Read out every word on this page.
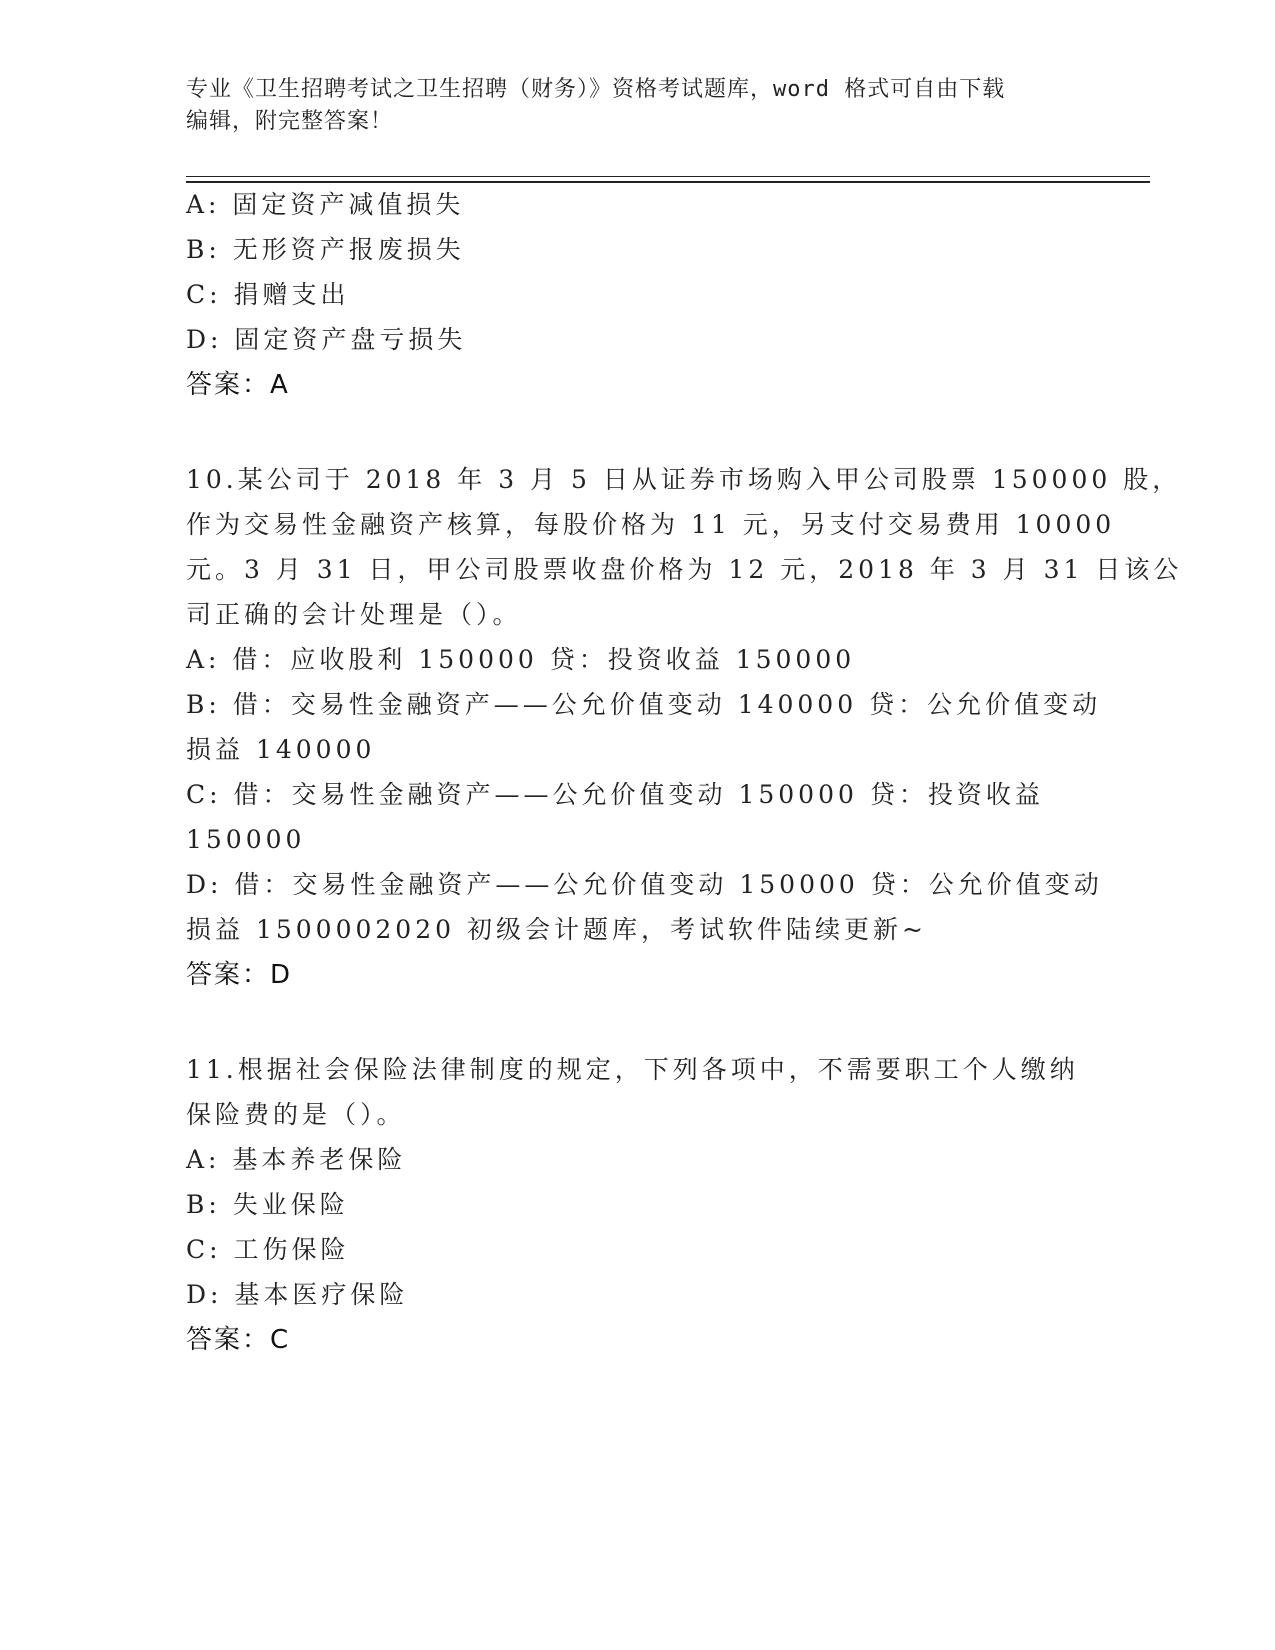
专业《卫生招聘考试之卫生招聘（财务）》资格考试题库，word 格式可自由下载
编辑，附完整答案！
A: 固定资产减值损失
B: 无形资产报废损失
C: 捐赠支出
D: 固定资产盘亏损失
答案：A
10.某公司于 2018 年 3 月 5 日从证券市场购入甲公司股票 150000 股，
作为交易性金融资产核算，每股价格为 11 元，另支付交易费用 10000
元。3 月 31 日，甲公司股票收盘价格为 12 元，2018 年 3 月 31 日该公
司正确的会计处理是（）。
A: 借：应收股利 150000 贷：投资收益 150000
B: 借：交易性金融资产——公允价值变动 140000 贷：公允价值变动
损益 140000
C: 借：交易性金融资产——公允价值变动 150000 贷：投资收益
150000
D: 借：交易性金融资产——公允价值变动 150000 贷：公允价值变动
损益 1500002020 初级会计题库，考试软件陆续更新~
答案：D
11.根据社会保险法律制度的规定，下列各项中，不需要职工个人缴纳
保险费的是（）。
A: 基本养老保险
B: 失业保险
C: 工伤保险
D: 基本医疗保险
答案：C
